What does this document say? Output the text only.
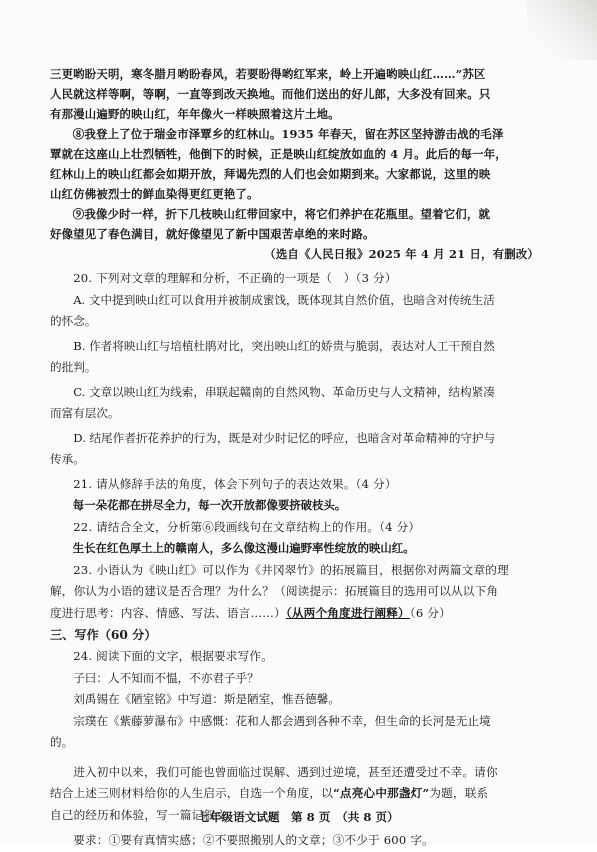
三更哟盼天明，寒冬腊月哟盼春风，若要盼得哟红军来，岭上开遍哟映山红……”苏区

人民就这样等啊，等啊，一直等到改天换地。而他们送出的好儿郎，大多没有回来。只

有那漫山遍野的映山红，年年像火一样映照着这片土地。

⑧我登上了位于瑞金市泽覃乡的红林山。1935 年春天，留在苏区坚持游击战的毛泽

覃就在这座山上壮烈牺牲，他倒下的时候，正是映山红绽放如血的 4 月。此后的每一年，

红林山上的映山红都会如期开放，拜谒先烈的人们也会如期到来。大家都说，这里的映

山红仿佛被烈士的鲜血染得更红更艳了。

⑨我像少时一样，折下几枝映山红带回家中，将它们养护在花瓶里。望着它们，就

好像望见了春色满目，就好像望见了新中国艰苦卓绝的来时路。

（选自《人民日报》2025 年 4 月 21 日，有删改）

20. 下列对文章的理解和分析，不正确的一项是（　）（3 分）

A. 文中提到映山红可以食用并被制成蜜饯，既体现其自然价值，也暗含对传统生活

的怀念。

B. 作者将映山红与培植杜鹃对比，突出映山红的娇贵与脆弱，表达对人工干预自然

的批判。

C. 文章以映山红为线索，串联起赣南的自然风物、革命历史与人文精神，结构紧凑

而富有层次。

D. 结尾作者折花养护的行为，既是对少时记忆的呼应，也暗含对革命精神的守护与

传承。

21. 请从修辞手法的角度，体会下列句子的表达效果。（4 分）

每一朵花都在拼尽全力，每一次开放都像要挤破枝头。

22. 请结合全文，分析第⑥段画线句在文章结构上的作用。（4 分）

生长在红色厚土上的赣南人，多么像这漫山遍野率性绽放的映山红。

23. 小语认为《映山红》可以作为《井冈翠竹》的拓展篇目，根据你对两篇文章的理

解，你认为小语的建议是否合理？为什么？（阅读提示：拓展篇目的选用可以从以下角

度进行思考：内容、情感、写法、语言……）（从两个角度进行阐释）（6 分）

三、写作（60 分）

24. 阅读下面的文字，根据要求写作。

子曰：人不知而不愠，不亦君子乎？

刘禹锡在《陋室铭》中写道：斯是陋室，惟吾德馨。

宗璞在《紫藤萝瀑布》中感慨：花和人都会遇到各种不幸，但生命的长河是无止境

的。

进入初中以来，我们可能也曾面临过误解、遇到过逆境，甚至还遭受过不幸。请你

结合上述三则材料给你的人生启示，自选一个角度，以“点亮心中那盏灯”为题，联系

自己的经历和体验，写一篇记叙文。

要求：①要有真情实感；②不要照搬别人的文章；③不少于 600 字。

七年级语文试题　第 8 页　（共 8 页）
